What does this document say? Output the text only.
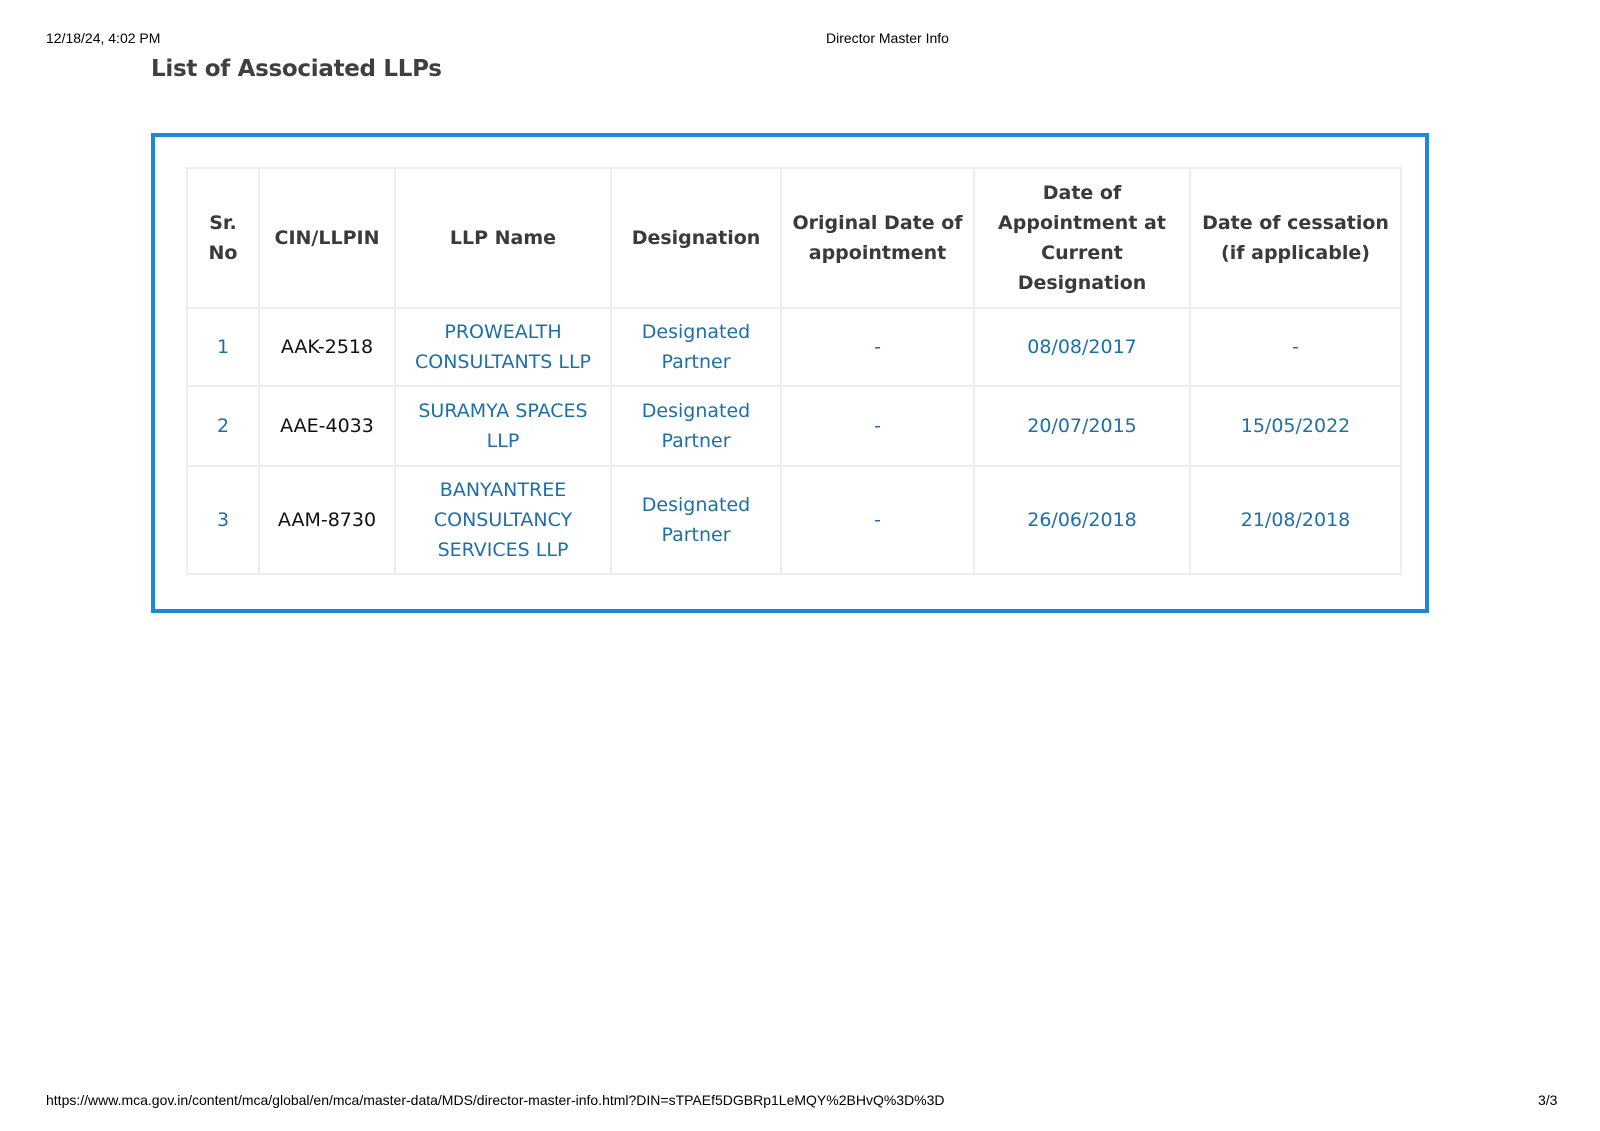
12/18/24, 4:02 PM	Director Master Info
List of Associated LLPs
Sr. No	CIN/LLPIN	LLP Name	Designation	Original Date of appointment	Date of Appointment at Current Designation	Date of cessation (if applicable)
1	AAK-2518	PROWEALTH CONSULTANTS LLP	Designated Partner	-	08/08/2017	-
2	AAE-4033	SURAMYA SPACES LLP	Designated Partner	-	20/07/2015	15/05/2022
3	AAM-8730	BANYANTREE CONSULTANCY SERVICES LLP	Designated Partner	-	26/06/2018	21/08/2018
https://www.mca.gov.in/content/mca/global/en/mca/master-data/MDS/director-master-info.html?DIN=sTPAEf5DGBRp1LeMQY%2BHvQ%3D%3D	3/3
